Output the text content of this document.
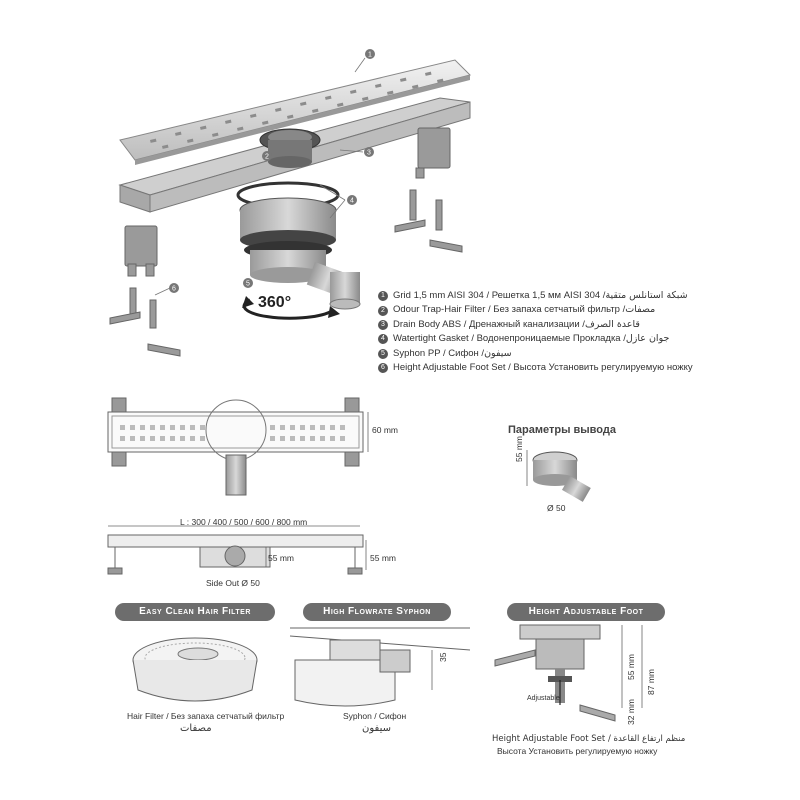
1
2
3
4
5
6
360°	1 Grid 1,5 mm AISI 304 / Решетка 1,5 мм AISI 304 / شبكة استانلس متقية
2 Odour Trap-Hair Filter / Без запаха сетчатый фильтр / مصفات
3 Drain Body ABS / Дренажный канализации / قاعدة الصرف
4 Watertight Gasket / Водонепроницаемые Прокладка / جوان عازل
5 Syphon PP / Сифон / سيفون
6 Height Adjustable Foot Set / Высота Установить регулируемую ножку
60 mm	Параметры вывода
55 mm
Ø 50
L : 300 / 400 / 500 / 600 / 800 mm
55 mm	55 mm
Side Out Ø 50
Easy Clean Hair Filter	High Flowrate Syphon	Height Adjustable Foot
35	55 mm
87 mm
32 mm
Adjustable
Hair Filter / Без запаха сетчатый фильтр
مصفات
Syphon / Сифон
سيفون
Height Adjustable Foot Set / منظم ارتفاع القاعدة
Высота Установить регулируемую ножку
